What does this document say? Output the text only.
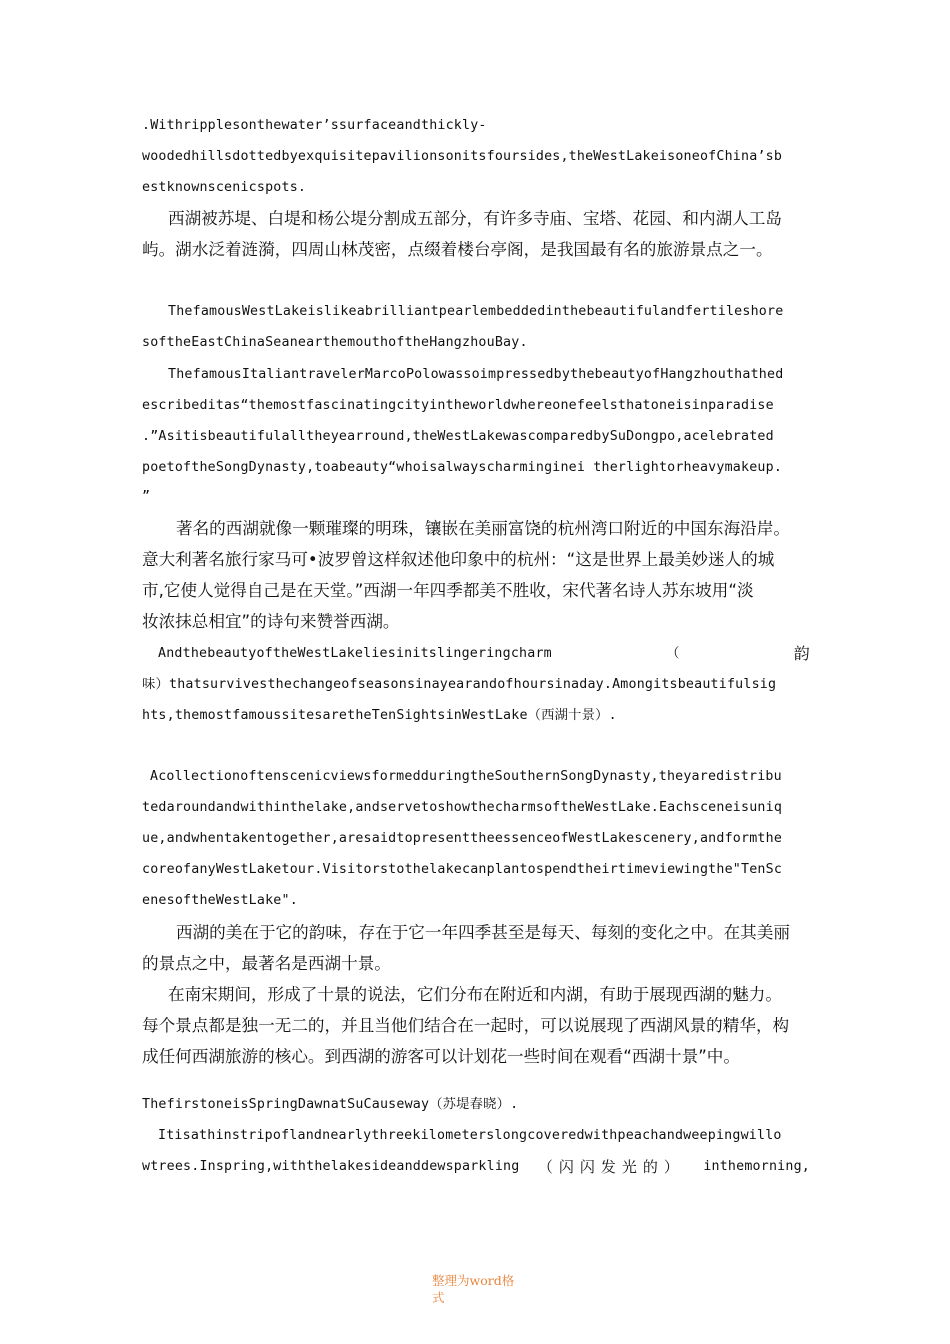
.Withripplesonthewater’ssurfaceandthickly-
woodedhillsdottedbyexquisitepavilionsonitsfoursides,theWestLakeisoneofChina’sb
estknownscenicspots.
西湖被苏堤、白堤和杨公堤分割成五部分，有许多寺庙、宝塔、花园、和内湖人工岛
屿。湖水泛着涟漪，四周山林茂密，点缀着楼台亭阁，是我国最有名的旅游景点之一。
ThefamousWestLakeislikeabrilliantpearlembeddedinthebeautifulandfertileshore
softheEastChinaSeanearthemouthoftheHangzhouBay.
ThefamousItaliantravelerMarcoPolowassoimpressedbythebeautyofHangzhouthathed
escribeditas“themostfascinatingcityintheworldwhereonefeelsthatoneisinparadise
.”Asitisbeautifulalltheyearround,theWestLakewascomparedbySuDongpo,acelebrated
poetoftheSongDynasty,toabeauty“whoisalwayscharminginei therlightorheavymakeup.
”
著名的西湖就像一颗璀璨的明珠，镶嵌在美丽富饶的杭州湾口附近的中国东海沿岸。
意大利著名旅行家马可•波罗曾这样叙述他印象中的杭州：“这是世界上最美妙迷人的城
市,它使人觉得自己是在天堂。”西湖一年四季都美不胜收，宋代著名诗人苏东坡用“淡
妆浓抹总相宜”的诗句来赞誉西湖。
AndthebeautyoftheWestLakeliesinitslingeringcharm	（	韵
味）thatsurvivesthechangeofseasonsinayearandofhoursinaday.Amongitsbeautifulsig
hts,themostfamoussitesaretheTenSightsinWestLake（西湖十景）.
AcollectionoftenscenicviewsformedduringtheSouthernSongDynasty,theyaredistribu
tedaroundandwithinthelake,andservetoshowthecharmsoftheWestLake.Eachsceneisuniq
ue,andwhentakentogether,aresaidtopresenttheessenceofWestLakescenery,andformthe
coreofanyWestLaketour.Visitorstothelakecanplantospendtheirtimeviewingthe"TenSc
enesoftheWestLake".
西湖的美在于它的韵味，存在于它一年四季甚至是每天、每刻的变化之中。在其美丽
的景点之中，最著名是西湖十景。
在南宋期间，形成了十景的说法，它们分布在附近和内湖，有助于展现西湖的魅力。
每个景点都是独一无二的，并且当他们结合在一起时，可以说展现了西湖风景的精华，构
成任何西湖旅游的核心。到西湖的游客可以计划花一些时间在观看“西湖十景”中。
ThefirstoneisSpringDawnatSuCauseway（苏堤春晓）.
Itisathinstripoflandnearlythreekilometerslongcoveredwithpeachandweepingwillo
wtrees.Inspring,withthelakesideanddewsparkling （闪闪发光的） inthemorning,
整理为word格
式
